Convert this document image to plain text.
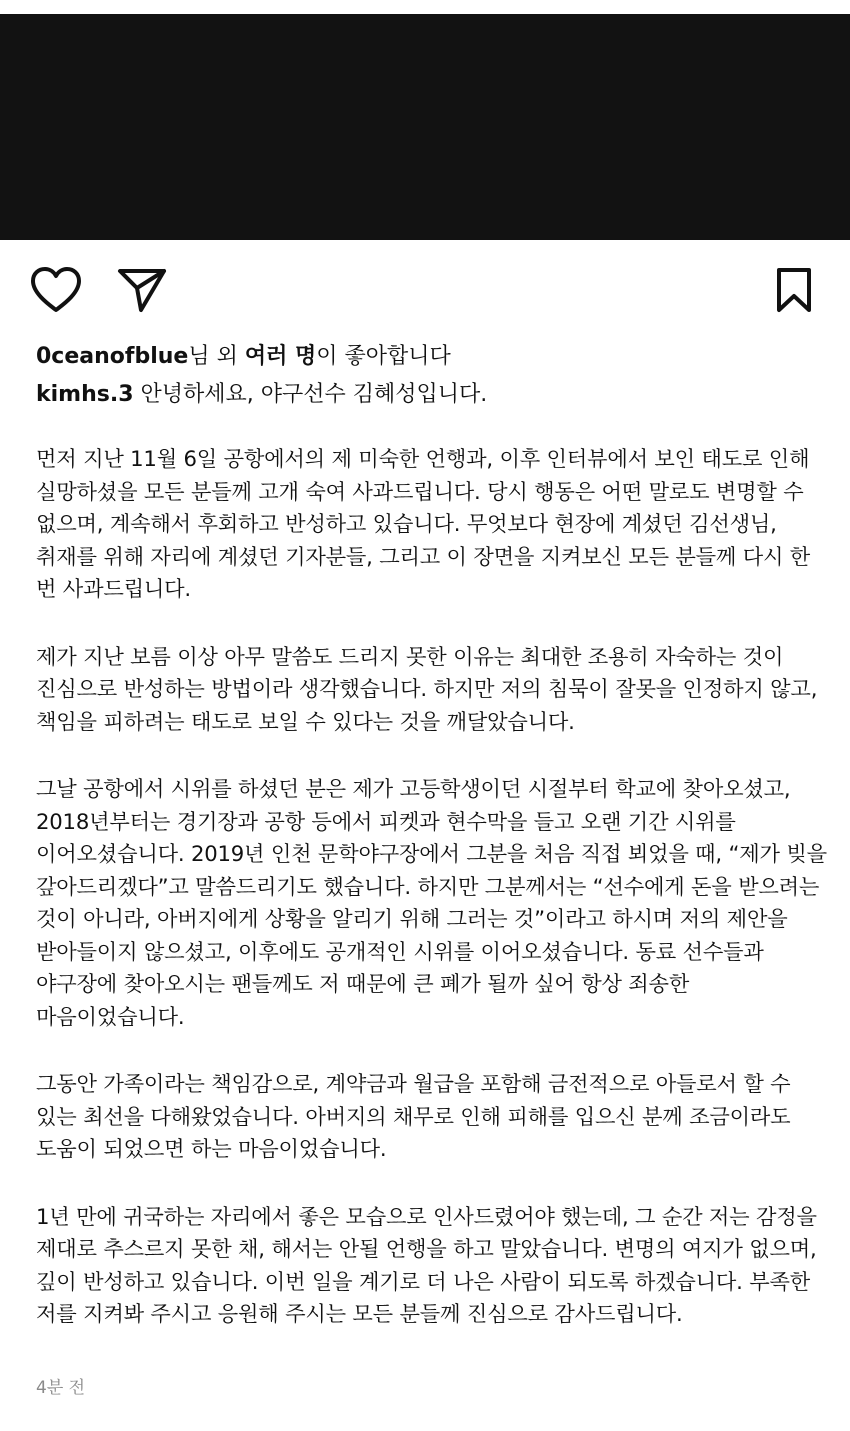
0ceanofblue님 외 여러 명이 좋아합니다
kimhs.3 안녕하세요, 야구선수 김혜성입니다.

먼저 지난 11월 6일 공항에서의 제 미숙한 언행과, 이후 인터뷰에서 보인 태도로 인해 실망하셨을 모든 분들께 고개 숙여 사과드립니다. 당시 행동은 어떤 말로도 변명할 수 없으며, 계속해서 후회하고 반성하고 있습니다. 무엇보다 현장에 계셨던 김선생님, 취재를 위해 자리에 계셨던 기자분들, 그리고 이 장면을 지켜보신 모든 분들께 다시 한 번 사과드립니다.

제가 지난 보름 이상 아무 말씀도 드리지 못한 이유는 최대한 조용히 자숙하는 것이 진심으로 반성하는 방법이라 생각했습니다. 하지만 저의 침묵이 잘못을 인정하지 않고, 책임을 피하려는 태도로 보일 수 있다는 것을 깨달았습니다.

그날 공항에서 시위를 하셨던 분은 제가 고등학생이던 시절부터 학교에 찾아오셨고, 2018년부터는 경기장과 공항 등에서 피켓과 현수막을 들고 오랜 기간 시위를 이어오셨습니다. 2019년 인천 문학야구장에서 그분을 처음 직접 뵈었을 때, “제가 빚을 갚아드리겠다”고 말씀드리기도 했습니다. 하지만 그분께서는 “선수에게 돈을 받으려는 것이 아니라, 아버지에게 상황을 알리기 위해 그러는 것”이라고 하시며 저의 제안을 받아들이지 않으셨고, 이후에도 공개적인 시위를 이어오셨습니다. 동료 선수들과 야구장에 찾아오시는 팬들께도 저 때문에 큰 폐가 될까 싶어 항상 죄송한 마음이었습니다.

그동안 가족이라는 책임감으로, 계약금과 월급을 포함해 금전적으로 아들로서 할 수 있는 최선을 다해왔었습니다. 아버지의 채무로 인해 피해를 입으신 분께 조금이라도 도움이 되었으면 하는 마음이었습니다.

1년 만에 귀국하는 자리에서 좋은 모습으로 인사드렸어야 했는데, 그 순간 저는 감정을 제대로 추스르지 못한 채, 해서는 안될 언행을 하고 말았습니다. 변명의 여지가 없으며, 깊이 반성하고 있습니다. 이번 일을 계기로 더 나은 사람이 되도록 하겠습니다. 부족한 저를 지켜봐 주시고 응원해 주시는 모든 분들께 진심으로 감사드립니다.

4분 전
